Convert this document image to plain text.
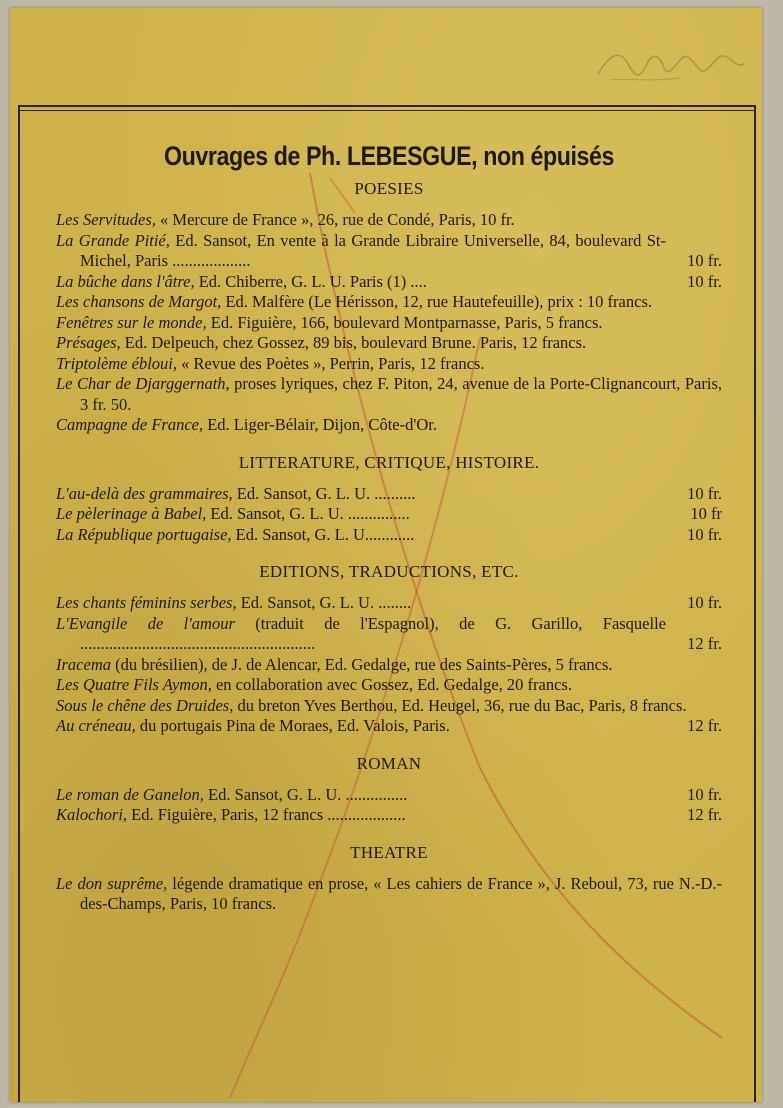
Ouvrages de Ph. LEBESGUE, non épuisés
POESIES
Les Servitudes, « Mercure de France », 26, rue de Condé, Paris, 10 fr.
La Grande Pitié, Ed. Sansot, En vente à la Grande Libraire Universelle, 84, boulevard St-Michel, Paris ...................	10 fr.
La bûche dans l'âtre, Ed. Chiberre, G. L. U. Paris (1) ....	10 fr.
Les chansons de Margot, Ed. Malfère (Le Hérisson, 12, rue Hautefeuille), prix : 10 francs.
Fenêtres sur le monde, Ed. Figuière, 166, boulevard Montparnasse, Paris, 5 francs.
Présages, Ed. Delpeuch, chez Gossez, 89 bis, boulevard Brune. Paris, 12 francs.
Triptolème ébloui, « Revue des Poètes », Perrin, Paris, 12 francs.
Le Char de Djarggernath, proses lyriques, chez F. Piton, 24, avenue de la Porte-Clignancourt, Paris, 3 fr. 50.
Campagne de France, Ed. Liger-Bélair, Dijon, Côte-d'Or.
LITTERATURE, CRITIQUE, HISTOIRE.
L'au-delà des grammaires, Ed. Sansot, G. L. U. ..........	10 fr.
Le pèlerinage à Babel, Ed. Sansot, G. L. U. ...............	10 fr
La République portugaise, Ed. Sansot, G. L. U............	10 fr.
EDITIONS, TRADUCTIONS, ETC.
Les chants féminins serbes, Ed. Sansot, G. L. U. ........	10 fr.
L'Evangile de l'amour (traduit de l'Espagnol), de G. Garillo, Fasquelle .........................................................	12 fr.
Iracema (du brésilien), de J. de Alencar, Ed. Gedalge, rue des Saints-Pères, 5 francs.
Les Quatre Fils Aymon, en collaboration avec Gossez, Ed. Gedalge, 20 francs.
Sous le chêne des Druides, du breton Yves Berthou, Ed. Heugel, 36, rue du Bac, Paris, 8 francs.
Au créneau, du portugais Pina de Moraes, Ed. Valois, Paris.	12 fr.
ROMAN
Le roman de Ganelon, Ed. Sansot, G. L. U. ...............	10 fr.
Kalochori, Ed. Figuière, Paris, 12 francs ...................	12 fr.
THEATRE
Le don suprême, légende dramatique en prose, « Les cahiers de France », J. Reboul, 73, rue N.-D.-des-Champs, Paris, 10 francs.
